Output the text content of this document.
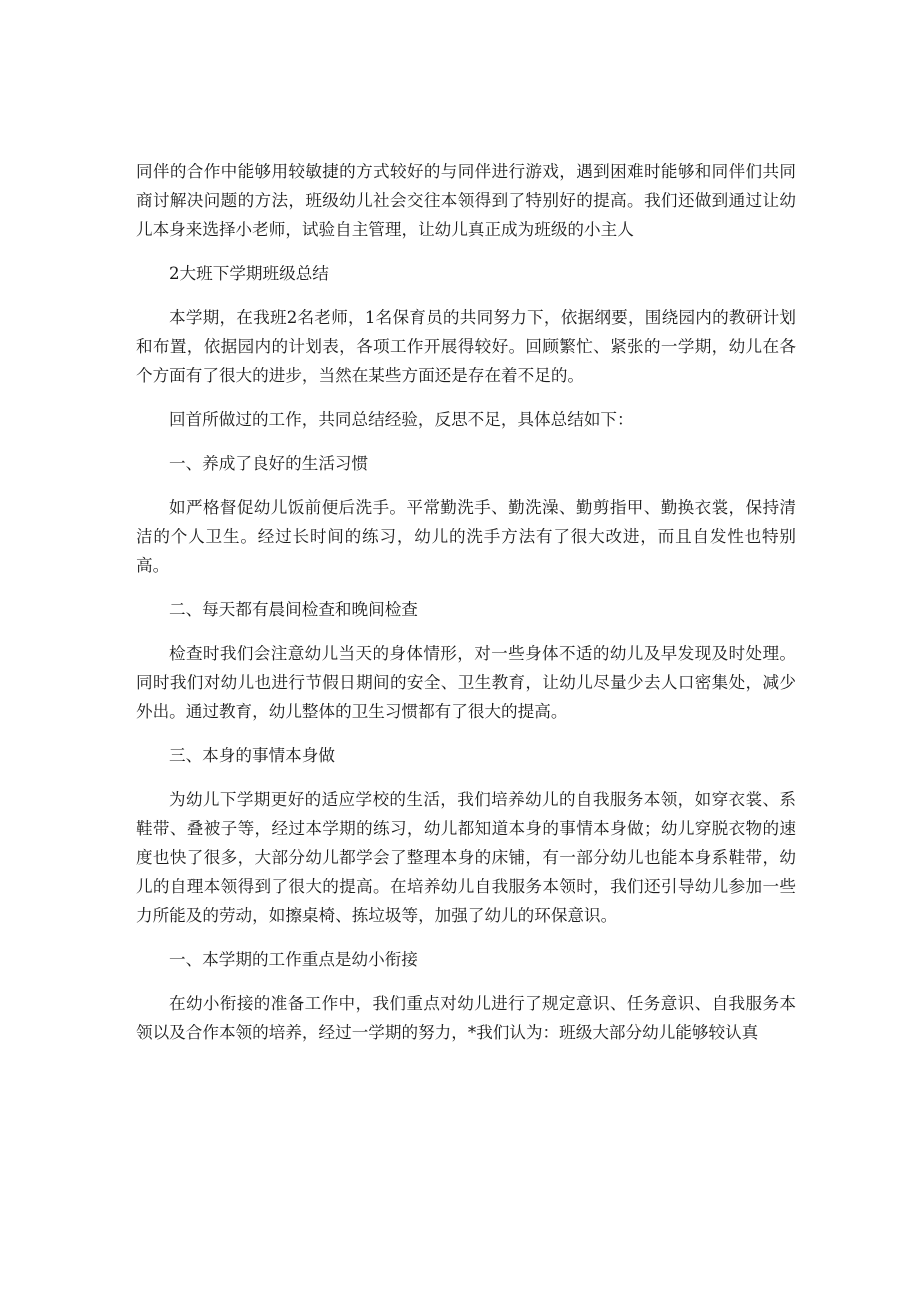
同伴的合作中能够用较敏捷的方式较好的与同伴进行游戏，遇到困难时能够和同伴们共同商讨解决问题的方法，班级幼儿社会交往本领得到了特别好的提高。我们还做到通过让幼儿本身来选择小老师，试验自主管理，让幼儿真正成为班级的小主人

2大班下学期班级总结

本学期，在我班2名老师，1名保育员的共同努力下，依据纲要，围绕园内的教研计划和布置，依据园内的计划表，各项工作开展得较好。回顾繁忙、紧张的一学期，幼儿在各个方面有了很大的进步，当然在某些方面还是存在着不足的。

回首所做过的工作，共同总结经验，反思不足，具体总结如下：

一、养成了良好的生活习惯

如严格督促幼儿饭前便后洗手。平常勤洗手、勤洗澡、勤剪指甲、勤换衣裳，保持清洁的个人卫生。经过长时间的练习，幼儿的洗手方法有了很大改进，而且自发性也特别高。

二、每天都有晨间检查和晚间检查

检查时我们会注意幼儿当天的身体情形，对一些身体不适的幼儿及早发现及时处理。同时我们对幼儿也进行节假日期间的安全、卫生教育，让幼儿尽量少去人口密集处，减少外出。通过教育，幼儿整体的卫生习惯都有了很大的提高。

三、本身的事情本身做

为幼儿下学期更好的适应学校的生活，我们培养幼儿的自我服务本领，如穿衣裳、系鞋带、叠被子等，经过本学期的练习，幼儿都知道本身的事情本身做；幼儿穿脱衣物的速度也快了很多，大部分幼儿都学会了整理本身的床铺，有一部分幼儿也能本身系鞋带，幼儿的自理本领得到了很大的提高。在培养幼儿自我服务本领时，我们还引导幼儿参加一些力所能及的劳动，如擦桌椅、拣垃圾等，加强了幼儿的环保意识。

一、本学期的工作重点是幼小衔接

在幼小衔接的准备工作中，我们重点对幼儿进行了规定意识、任务意识、自我服务本领以及合作本领的培养，经过一学期的努力，*我们认为：班级大部分幼儿能够较认真
